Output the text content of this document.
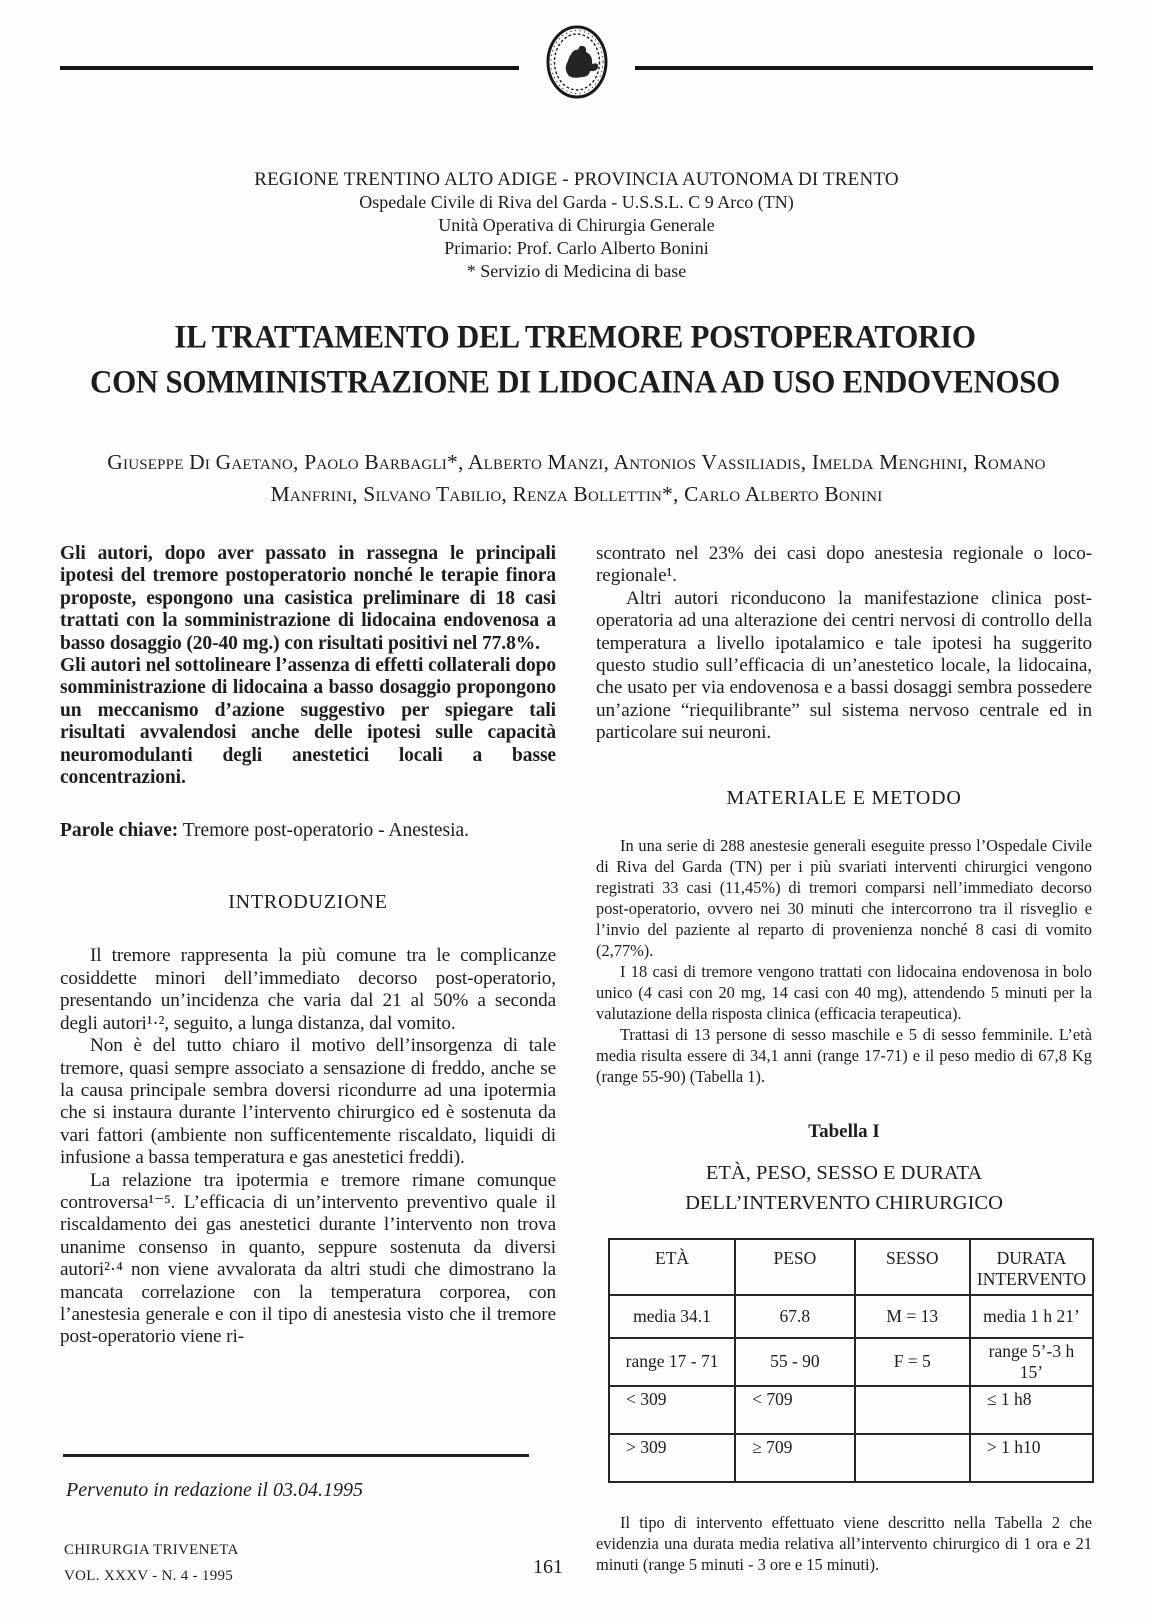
REGIONE TRENTINO ALTO ADIGE - PROVINCIA AUTONOMA DI TRENTO
Ospedale Civile di Riva del Garda - U.S.S.L. C 9 Arco (TN)
Unità Operativa di Chirurgia Generale
Primario: Prof. Carlo Alberto Bonini
* Servizio di Medicina di base
IL TRATTAMENTO DEL TREMORE POSTOPERATORIO
CON SOMMINISTRAZIONE DI LIDOCAINA AD USO ENDOVENOSO
Giuseppe Di Gaetano, Paolo Barbagli*, Alberto Manzi, Antonios Vassiliadis, Imelda Menghini, Romano Manfrini, Silvano Tabilio, Renza Bollettin*, Carlo Alberto Bonini

Gli autori, dopo aver passato in rassegna le principali ipotesi del tremore postoperatorio nonché le terapie finora proposte, espongono una casistica preliminare di 18 casi trattati con la somministrazione di lidocaina endovenosa a basso dosaggio (20-40 mg.) con risultati positivi nel 77.8%.

Gli autori nel sottolineare l’assenza di effetti collaterali dopo somministrazione di lidocaina a basso dosaggio propongono un meccanismo d’azione suggestivo per spiegare tali risultati avvalendosi anche delle ipotesi sulle capacità neuromodulanti degli anestetici locali a basse concentrazioni.

Parole chiave: Tremore post-operatorio - Anestesia.
INTRODUZIONE

Il tremore rappresenta la più comune tra le complicanze cosiddette minori dell’immediato decorso post-operatorio, presentando un’incidenza che varia dal 21 al 50% a seconda degli autori¹·², seguito, a lunga distanza, dal vomito.

Non è del tutto chiaro il motivo dell’insorgenza di tale tremore, quasi sempre associato a sensazione di freddo, anche se la causa principale sembra doversi ricondurre ad una ipotermia che si instaura durante l’intervento chirurgico ed è sostenuta da vari fattori (ambiente non sufficentemente riscaldato, liquidi di infusione a bassa temperatura e gas anestetici freddi).

La relazione tra ipotermia e tremore rimane comunque controversa¹⁻⁵. L’efficacia di un’intervento preventivo quale il riscaldamento dei gas anestetici durante l’intervento non trova unanime consenso in quanto, seppure sostenuta da diversi autori²·⁴ non viene avvalorata da altri studi che dimostrano la mancata correlazione con la temperatura corporea, con l’anestesia generale e con il tipo di anestesia visto che il tremore post-operatorio viene ri-

scontrato nel 23% dei casi dopo anestesia regionale o loco-regionale¹.

Altri autori riconducono la manifestazione clinica post-operatoria ad una alterazione dei centri nervosi di controllo della temperatura a livello ipotalamico e tale ipotesi ha suggerito questo studio sull’efficacia di un’anestetico locale, la lidocaina, che usato per via endovenosa e a bassi dosaggi sembra possedere un’azione “riequilibrante” sul sistema nervoso centrale ed in particolare sui neuroni.

MATERIALE E METODO

In una serie di 288 anestesie generali eseguite presso l’Ospedale Civile di Riva del Garda (TN) per i più svariati interventi chirurgici vengono registrati 33 casi (11,45%) di tremori comparsi nell’immediato decorso post-operatorio, ovvero nei 30 minuti che intercorrono tra il risveglio e l’invio del paziente al reparto di provenienza nonché 8 casi di vomito (2,77%).

I 18 casi di tremore vengono trattati con lidocaina endovenosa in bolo unico (4 casi con 20 mg, 14 casi con 40 mg), attendendo 5 minuti per la valutazione della risposta clinica (efficacia terapeutica).

Trattasi di 13 persone di sesso maschile e 5 di sesso femminile. L’età media risulta essere di 34,1 anni (range 17-71) e il peso medio di 67,8 Kg (range 55-90) (Tabella 1).

Tabella I
ETÀ, PESO, SESSO E DURATA
DELL’INTERVENTO CHIRURGICO
ETÀ	PESO	SESSO	DURATA INTERVENTO
media 34.1	67.8	M = 13	media 1 h 21’
range 17 - 71	55 - 90	F = 5	range 5’-3 h 15’
< 309	< 709		≤ 1 h8
> 309	≥ 709		> 1 h10

Il tipo di intervento effettuato viene descritto nella Tabella 2 che evidenzia una durata media relativa all’intervento chirurgico di 1 ora e 21 minuti (range 5 minuti - 3 ore e 15 minuti).

Pervenuto in redazione il 03.04.1995
CHIRURGIA TRIVENETA
VOL. XXXV - N. 4 - 1995	161
